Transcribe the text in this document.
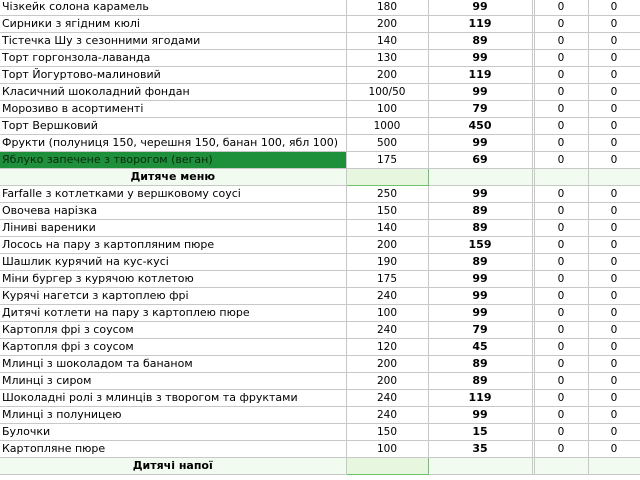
Чізкейк солона карамель	180	99		0	0
Сирники з ягідним кюлі	200	119		0	0
Тістечка Шу з сезонними ягодами	140	89		0	0
Торт горгонзола-лаванда	130	99		0	0
Торт Йогуртово-малиновий	200	119		0	0
Класичний шоколадний фондан	100/50	99		0	0
Морозиво в асортименті	100	79		0	0
Торт Вершковий	1000	450		0	0
Фрукти (полуниця 150, черешня 150, банан 100, ябл 100)	500	99		0	0
Яблуко запечене з творогом (веган)	175	69		0	0
Дитяче меню					
Farfalle з котлетками у вершковому соусі	250	99		0	0
Овочева нарізка	150	89		0	0
Ліниві вареники	140	89		0	0
Лосось на пару з картопляним пюре	200	159		0	0
Шашлик курячий на кус-кусі	190	89		0	0
Міни бургер з курячою котлетою	175	99		0	0
Курячі нагетси з картоплею фрі	240	99		0	0
Дитячі котлети на пару з картоплею пюре	100	99		0	0
Картопля фрі з соусом	240	79		0	0
Картопля фрі з соусом	120	45		0	0
Млинці з шоколадом та бананом	200	89		0	0
Млинці з сиром	200	89		0	0
Шоколадні ролі з млинців з творогом та фруктами	240	119		0	0
Млинці з полуницею	240	99		0	0
Булочки	150	15		0	0
Картопляне пюре	100	35		0	0
Дитячі напої					
